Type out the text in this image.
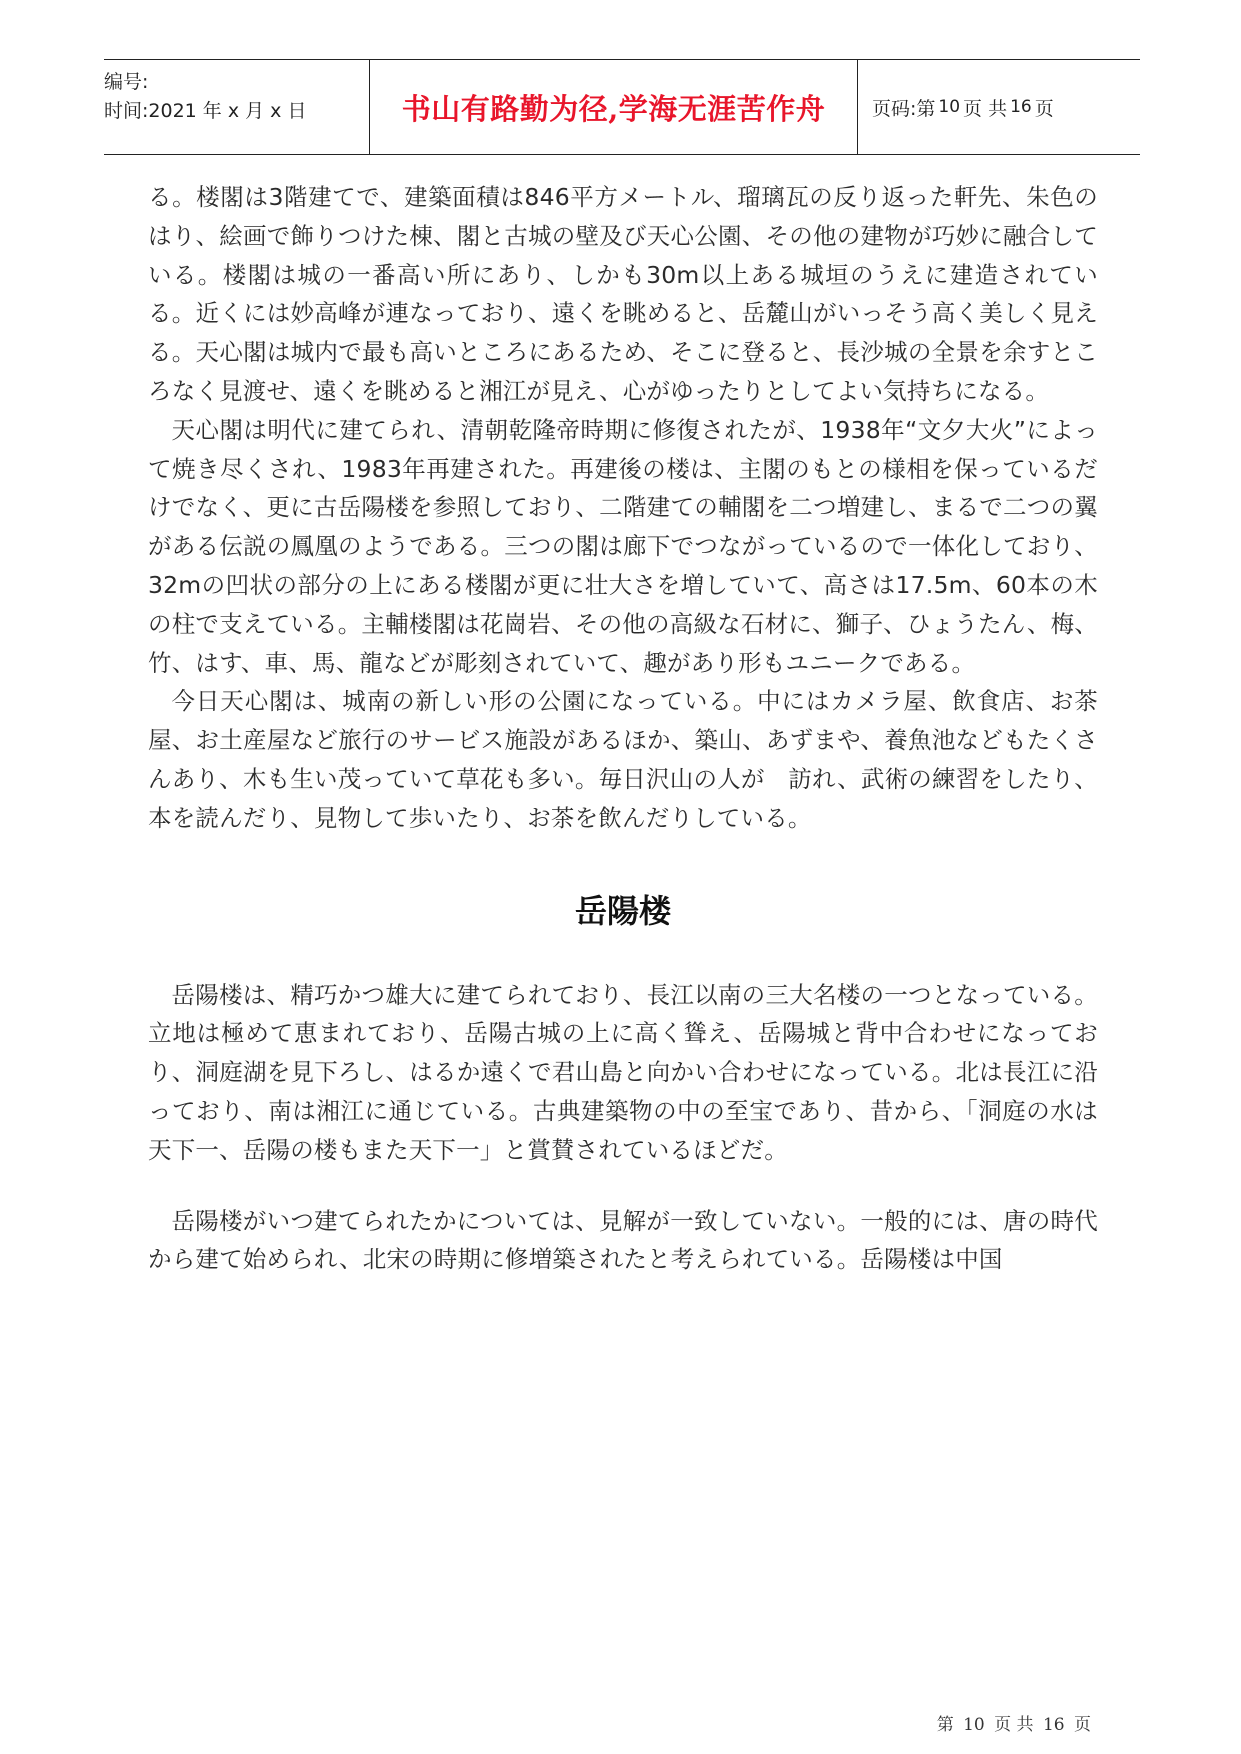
编号:
时间:2021 年 x 月 x 日	书山有路勤为径,学海无涯苦作舟 页码:第 10 页 共 16 页

る。楼閣は3階建てで、建築面積は846平方メートル、瑠璃瓦の反り返った軒先、朱色のはり、絵画で飾りつけた棟、閣と古城の壁及び天心公園、その他の建物が巧妙に融合している。楼閣は城の一番高い所にあり、しかも30m以上ある城垣のうえに建造されている。近くには妙高峰が連なっており、遠くを眺めると、岳麓山がいっそう高く美しく見える。天心閣は城内で最も高いところにあるため、そこに登ると、長沙城の全景を余すところなく見渡せ、遠くを眺めると湘江が見え、心がゆったりとしてよい気持ちになる。

天心閣は明代に建てられ、清朝乾隆帝時期に修復されたが、1938年“文夕大火”によって焼き尽くされ、1983年再建された。再建後の楼は、主閣のもとの様相を保っているだけでなく、更に古岳陽楼を参照しており、二階建ての輔閣を二つ増建し、まるで二つの翼がある伝説の鳳凰のようである。三つの閣は廊下でつながっているので一体化しており、32mの凹状の部分の上にある楼閣が更に壮大さを増していて、高さは17.5m、60本の木の柱で支えている。主輔楼閣は花崗岩、その他の高級な石材に、獅子、ひょうたん、梅、竹、はす、車、馬、龍などが彫刻されていて、趣があり形もユニークである。

今日天心閣は、城南の新しい形の公園になっている。中にはカメラ屋、飲食店、お茶屋、お土産屋など旅行のサービス施設があるほか、築山、あずまや、養魚池などもたくさんあり、木も生い茂っていて草花も多い。毎日沢山の人が　訪れ、武術の練習をしたり、本を読んだり、見物して歩いたり、お茶を飲んだりしている。

岳陽楼

岳陽楼は、精巧かつ雄大に建てられており、長江以南の三大名楼の一つとなっている。立地は極めて恵まれており、岳陽古城の上に高く聳え、岳陽城と背中合わせになっており、洞庭湖を見下ろし、はるか遠くで君山島と向かい合わせになっている。北は長江に沿っており、南は湘江に通じている。古典建築物の中の至宝であり、昔から、「洞庭の水は天下一、岳陽の楼もまた天下一」と賞賛されているほどだ。

岳陽楼がいつ建てられたかについては、見解が一致していない。一般的には、唐の時代から建て始められ、北宋の時期に修増築されたと考えられている。岳陽楼は中国

第 10 页 共 16 页
